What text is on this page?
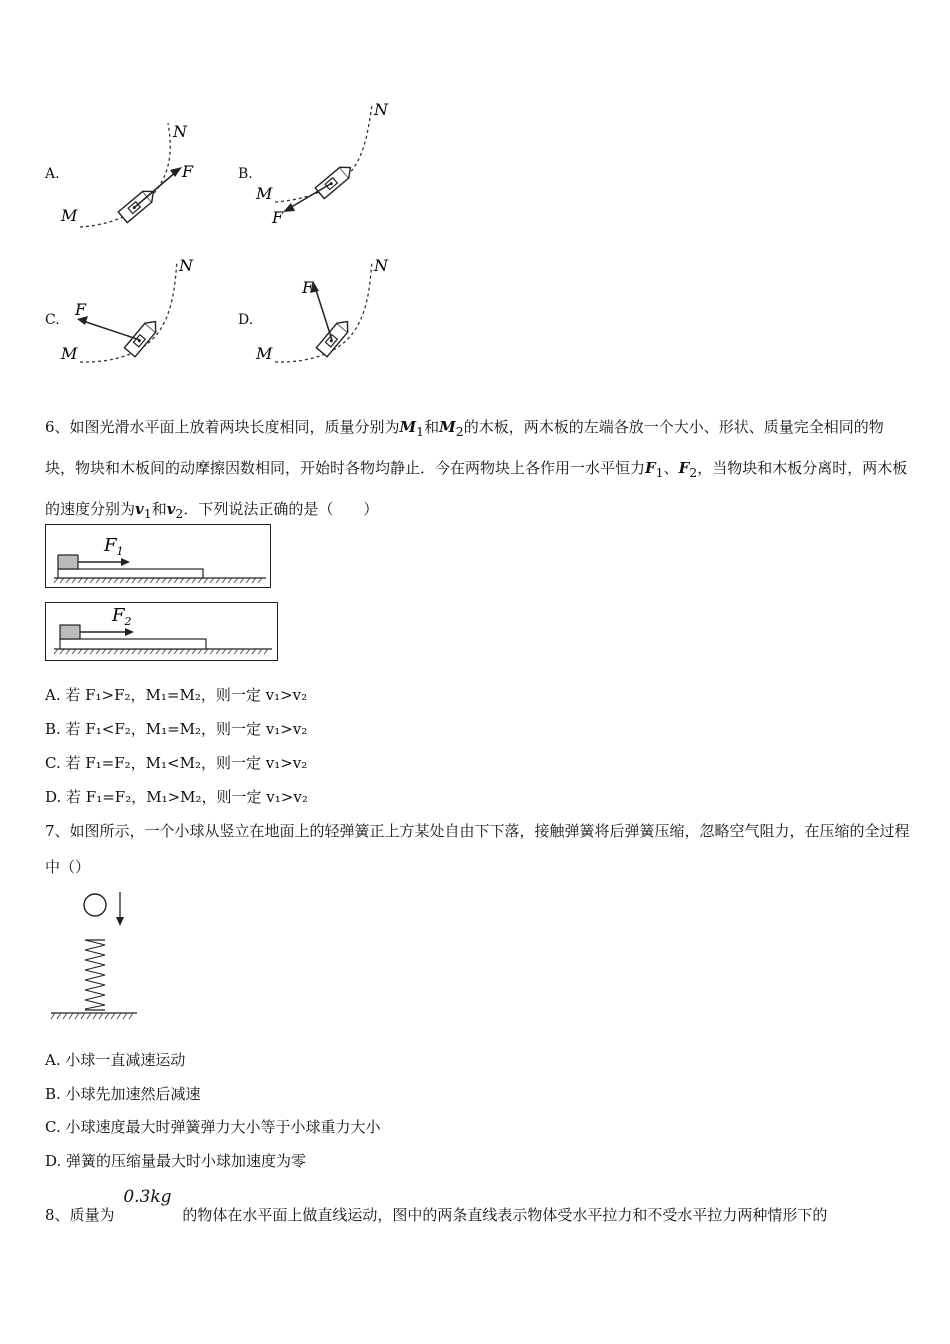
A.	B.
C.	D.
F
M
N
F
M
N
F
M
N
F
M
N
6、如图光滑水平面上放着两块长度相同，质量分别为$M_1$和$M_2$的木板，两木板的左端各放一个大小、形状、质量完全相同的物块，物块和木板间的动摩擦因数相同，开始时各物均静止．今在两物块上各作用一水平恒力$F_1$、$F_2$，当物块和木板分离时，两木板的速度分别为$v_1$和$v_2$．下列说法正确的是（　　）
$F_1$
$F_2$
A. 若 F₁>F₂，M₁=M₂，则一定 v₁>v₂
B. 若 F₁<F₂，M₁=M₂，则一定 v₁>v₂
C. 若 F₁=F₂，M₁<M₂，则一定 v₁>v₂
D. 若 F₁=F₂，M₁>M₂，则一定 v₁>v₂
7、如图所示，一个小球从竖立在地面上的轻弹簧正上方某处自由下下落，接触弹簧将后弹簧压缩，忽略空气阻力，在压缩的全过程中（）
A. 小球一直减速运动
B. 小球先加速然后减速
C. 小球速度最大时弹簧弹力大小等于小球重力大小
D. 弹簧的压缩量最大时小球加速度为零
8、质量为 0.3kg 的物体在水平面上做直线运动，图中的两条直线表示物体受水平拉力和不受水平拉力两种情形下的
